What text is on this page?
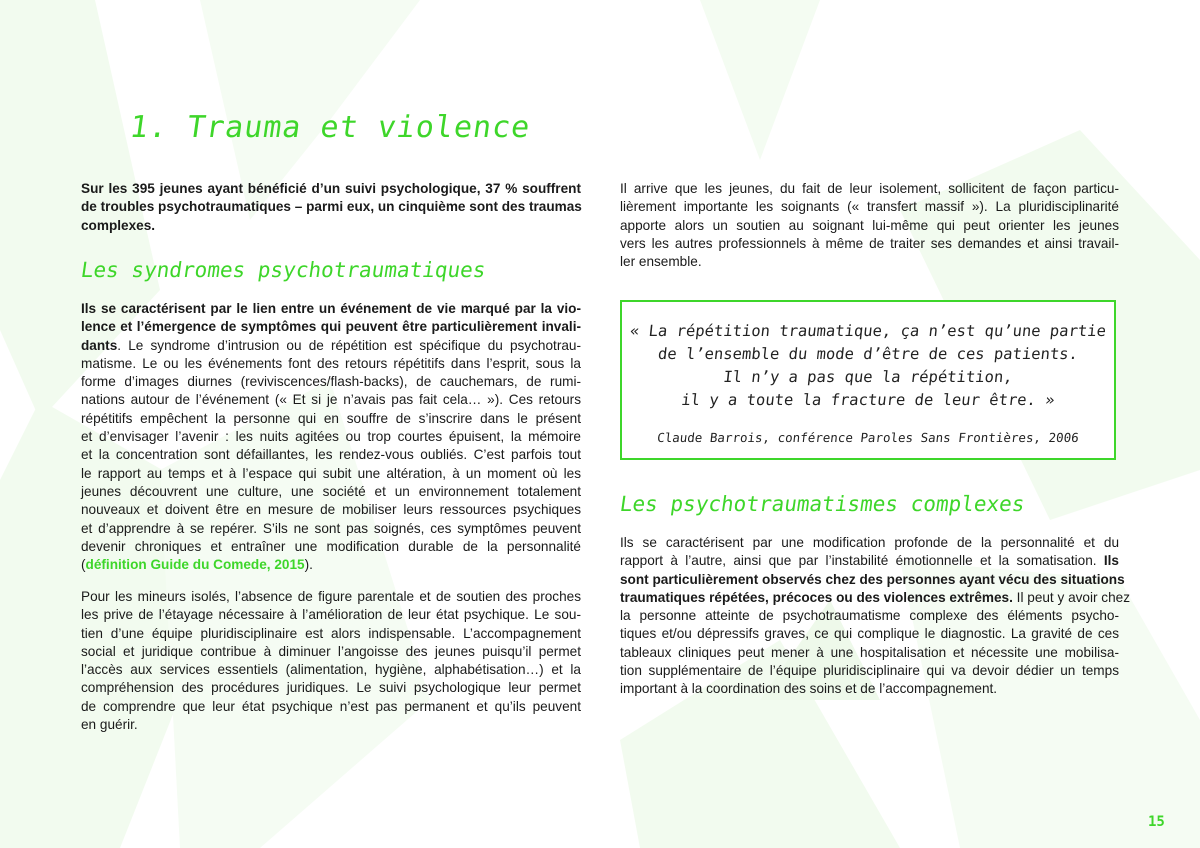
1. Trauma et violence

Sur les 395 jeunes ayant bénéficié d’un suivi psychologique, 37 % souffrent
de troubles psychotraumatiques – parmi eux, un cinquième sont des traumas
complexes.

Les syndromes psychotraumatiques

Ils se caractérisent par le lien entre un événement de vie marqué par la vio-
lence et l’émergence de symptômes qui peuvent être particulièrement invali-
dants. Le syndrome d’intrusion ou de répétition est spécifique du psychotrau-
matisme. Le ou les événements font des retours répétitifs dans l’esprit, sous la
forme d’images diurnes (reviviscences/flash-backs), de cauchemars, de rumi-
nations autour de l’événement (« Et si je n’avais pas fait cela… »). Ces retours
répétitifs empêchent la personne qui en souffre de s’inscrire dans le présent
et d’envisager l’avenir : les nuits agitées ou trop courtes épuisent, la mémoire
et la concentration sont défaillantes, les rendez-vous oubliés. C’est parfois tout
le rapport au temps et à l’espace qui subit une altération, à un moment où les
jeunes découvrent une culture, une société et un environnement totalement
nouveaux et doivent être en mesure de mobiliser leurs ressources psychiques
et d’apprendre à se repérer. S’ils ne sont pas soignés, ces symptômes peuvent
devenir chroniques et entraîner une modification durable de la personnalité
(définition Guide du Comede, 2015).

Pour les mineurs isolés, l’absence de figure parentale et de soutien des proches
les prive de l’étayage nécessaire à l’amélioration de leur état psychique. Le sou-
tien d’une équipe pluridisciplinaire est alors indispensable. L’accompagnement
social et juridique contribue à diminuer l’angoisse des jeunes puisqu’il permet
l’accès aux services essentiels (alimentation, hygiène, alphabétisation…) et la
compréhension des procédures juridiques. Le suivi psychologique leur permet
de comprendre que leur état psychique n’est pas permanent et qu’ils peuvent
en guérir.

Il arrive que les jeunes, du fait de leur isolement, sollicitent de façon particu-
lièrement importante les soignants (« transfert massif »). La pluridisciplinarité
apporte alors un soutien au soignant lui-même qui peut orienter les jeunes
vers les autres professionnels à même de traiter ses demandes et ainsi travail-
ler ensemble.

Les psychotraumatismes complexes

Ils se caractérisent par une modification profonde de la personnalité et du
rapport à l’autre, ainsi que par l’instabilité émotionnelle et la somatisation. Ils
sont particulièrement observés chez des personnes ayant vécu des situations
traumatiques répétées, précoces ou des violences extrêmes. Il peut y avoir chez
la personne atteinte de psychotraumatisme complexe des éléments psycho-
tiques et/ou dépressifs graves, ce qui complique le diagnostic. La gravité de ces
tableaux cliniques peut mener à une hospitalisation et nécessite une mobilisa-
tion supplémentaire de l’équipe pluridisciplinaire qui va devoir dédier un temps
important à la coordination des soins et de l’accompagnement.

« La répétition traumatique, ça n’est qu’une partie

de l’ensemble du mode d’être de ces patients.

Il n’y a pas que la répétition,

il y a toute la fracture de leur être. »

Claude Barrois, conférence Paroles Sans Frontières, 2006

15
